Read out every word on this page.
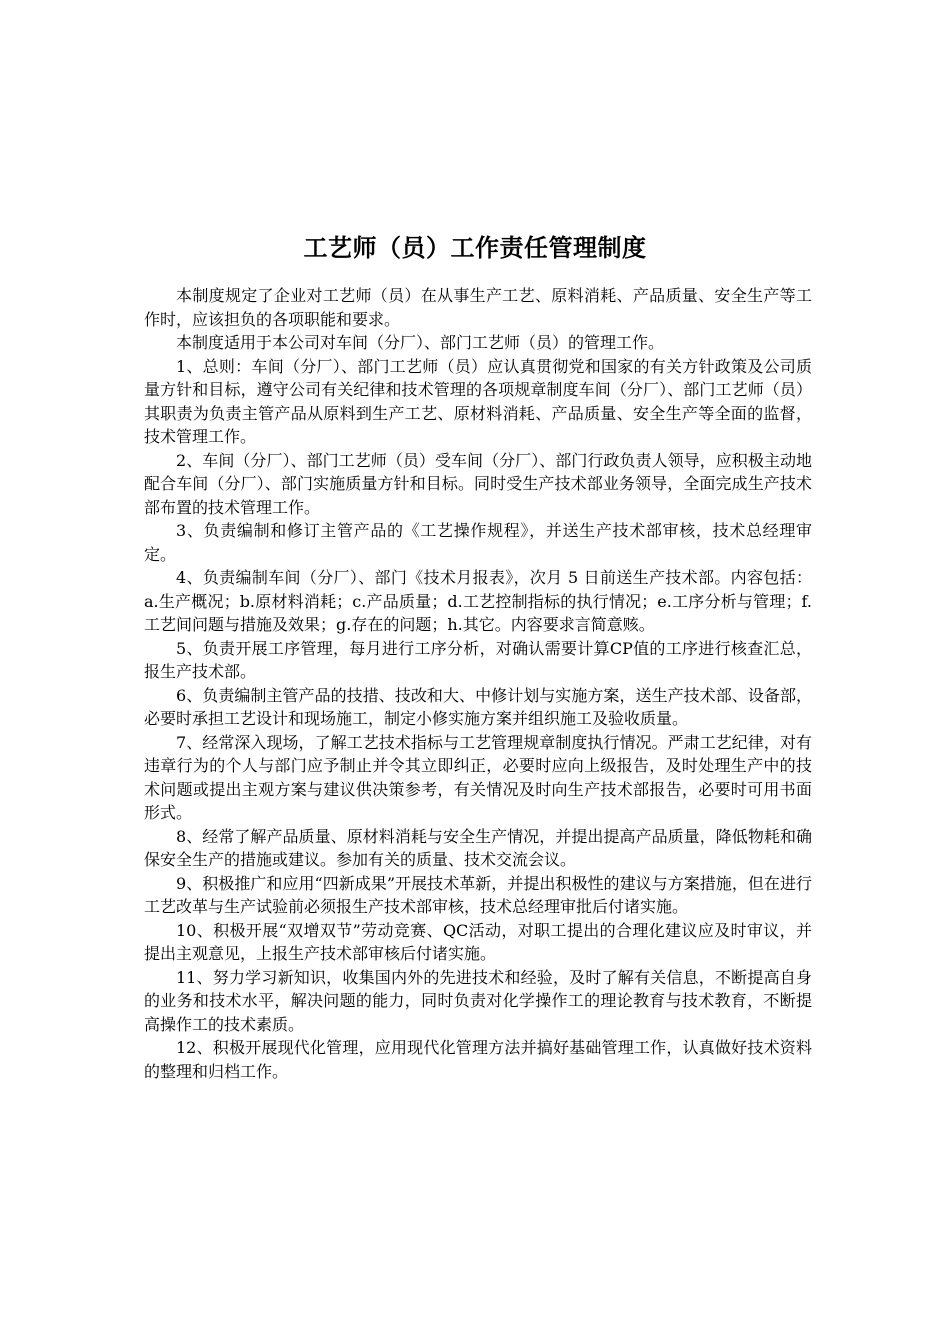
工艺师（员）工作责任管理制度

本制度规定了企业对工艺师（员）在从事生产工艺、原料消耗、产品质量、安全生产等工作时，应该担负的各项职能和要求。

本制度适用于本公司对车间（分厂）、部门工艺师（员）的管理工作。

1、总则：车间（分厂）、部门工艺师（员）应认真贯彻党和国家的有关方针政策及公司质量方针和目标，遵守公司有关纪律和技术管理的各项规章制度车间（分厂）、部门工艺师（员）其职责为负责主管产品从原料到生产工艺、原材料消耗、产品质量、安全生产等全面的监督，技术管理工作。

2、车间（分厂）、部门工艺师（员）受车间（分厂）、部门行政负责人领导，应积极主动地配合车间（分厂）、部门实施质量方针和目标。同时受生产技术部业务领导，全面完成生产技术部布置的技术管理工作。

3、负责编制和修订主管产品的《工艺操作规程》，并送生产技术部审核，技术总经理审定。

4、负责编制车间（分厂）、部门《技术月报表》，次月 5 日前送生产技术部。内容包括：a.生产概况；b.原材料消耗；c.产品质量；d.工艺控制指标的执行情况；e.工序分析与管理；f.工艺间问题与措施及效果；g.存在的问题；h.其它。内容要求言简意赅。

5、负责开展工序管理，每月进行工序分析，对确认需要计算CP值的工序进行核查汇总，报生产技术部。

6、负责编制主管产品的技措、技改和大、中修计划与实施方案，送生产技术部、设备部，必要时承担工艺设计和现场施工，制定小修实施方案并组织施工及验收质量。

7、经常深入现场，了解工艺技术指标与工艺管理规章制度执行情况。严肃工艺纪律，对有违章行为的个人与部门应予制止并令其立即纠正，必要时应向上级报告，及时处理生产中的技术问题或提出主观方案与建议供决策参考，有关情况及时向生产技术部报告，必要时可用书面形式。

8、经常了解产品质量、原材料消耗与安全生产情况，并提出提高产品质量，降低物耗和确保安全生产的措施或建议。参加有关的质量、技术交流会议。

9、积极推广和应用“四新成果”开展技术革新，并提出积极性的建议与方案措施，但在进行工艺改革与生产试验前必须报生产技术部审核，技术总经理审批后付诸实施。

10、积极开展“双增双节”劳动竞赛、QC活动，对职工提出的合理化建议应及时审议，并提出主观意见，上报生产技术部审核后付诸实施。

11、努力学习新知识，收集国内外的先进技术和经验，及时了解有关信息，不断提高自身的业务和技术水平，解决问题的能力，同时负责对化学操作工的理论教育与技术教育，不断提高操作工的技术素质。

12、积极开展现代化管理，应用现代化管理方法并搞好基础管理工作，认真做好技术资料的整理和归档工作。
